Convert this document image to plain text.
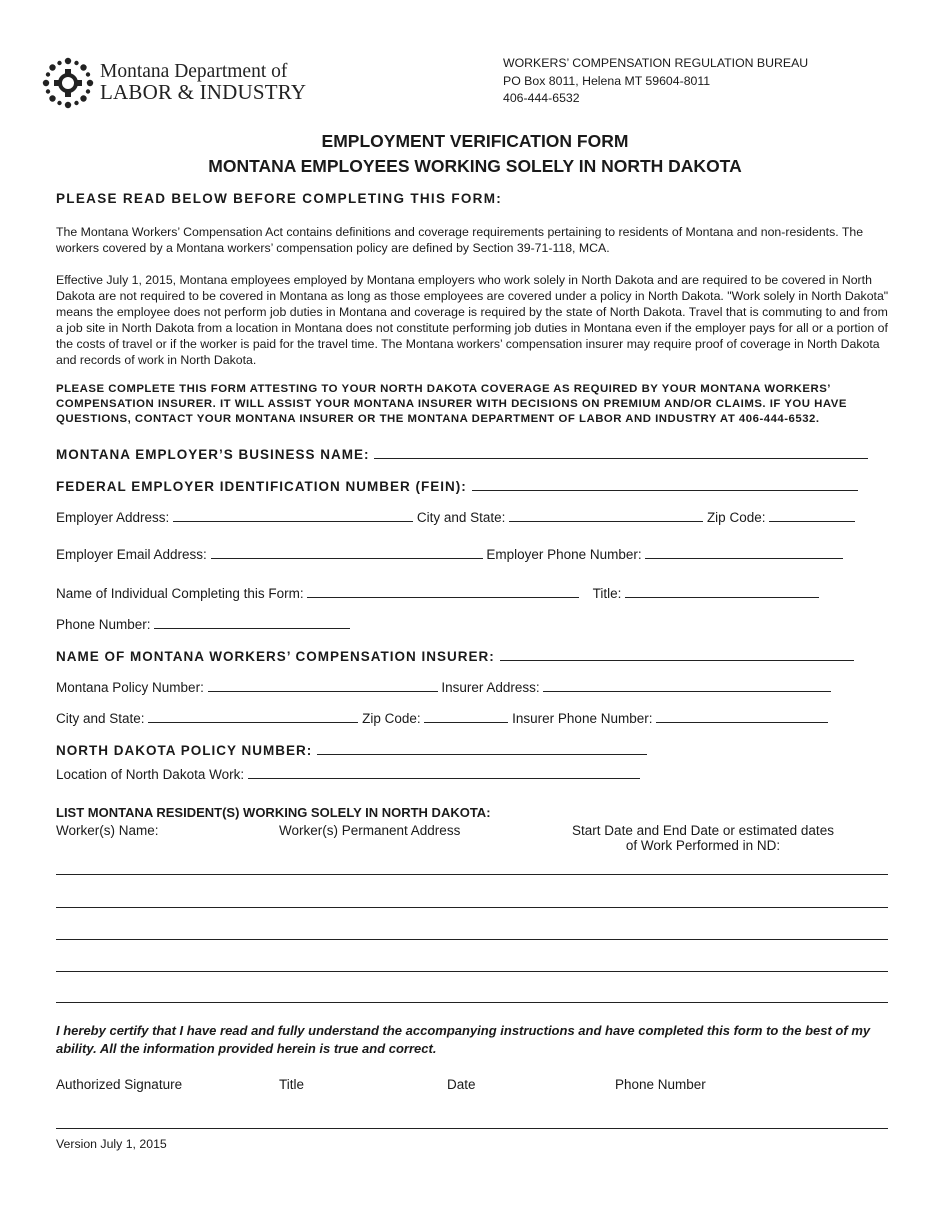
Montana Department of
LABOR & INDUSTRY
WORKERS’ COMPENSATION REGULATION BUREAU
PO Box 8011, Helena MT 59604-8011
406-444-6532
EMPLOYMENT VERIFICATION FORM
MONTANA EMPLOYEES WORKING SOLELY IN NORTH DAKOTA
PLEASE READ BELOW BEFORE COMPLETING THIS FORM:
The Montana Workers’ Compensation Act contains definitions and coverage requirements pertaining to residents of Montana and non-residents. The workers covered by a Montana workers’ compensation policy are defined by Section 39-71-118, MCA.
Effective July 1, 2015, Montana employees employed by Montana employers who work solely in North Dakota and are required to be covered in North Dakota are not required to be covered in Montana as long as those employees are covered under a policy in North Dakota. "Work solely in North Dakota" means the employee does not perform job duties in Montana and coverage is required by the state of North Dakota. Travel that is commuting to and from a job site in North Dakota from a location in Montana does not constitute performing job duties in Montana even if the employer pays for all or a portion of the costs of travel or if the worker is paid for the travel time. The Montana workers’ compensation insurer may require proof of coverage in North Dakota and records of work in North Dakota.
PLEASE COMPLETE THIS FORM ATTESTING TO YOUR NORTH DAKOTA COVERAGE AS REQUIRED BY YOUR MONTANA WORKERS’ COMPENSATION INSURER. IT WILL ASSIST YOUR MONTANA INSURER WITH DECISIONS ON PREMIUM AND/OR CLAIMS. IF YOU HAVE QUESTIONS, CONTACT YOUR MONTANA INSURER OR THE MONTANA DEPARTMENT OF LABOR AND INDUSTRY AT 406-444-6532.
MONTANA EMPLOYER’S BUSINESS NAME:
FEDERAL EMPLOYER IDENTIFICATION NUMBER (FEIN):
Employer Address:	City and State:	Zip Code:
Employer Email Address:	Employer Phone Number:
Name of Individual Completing this Form:	Title:
Phone Number:
NAME OF MONTANA WORKERS’ COMPENSATION INSURER:
Montana Policy Number:	Insurer Address:
City and State:	Zip Code:	Insurer Phone Number:
NORTH DAKOTA POLICY NUMBER:
Location of North Dakota Work:
LIST MONTANA RESIDENT(S) WORKING SOLELY IN NORTH DAKOTA:
Worker(s) Name:	Worker(s) Permanent Address	Start Date and End Date or estimated dates
of Work Performed in ND:
I hereby certify that I have read and fully understand the accompanying instructions and have completed this form to the best of my ability. All the information provided herein is true and correct.
Authorized Signature	Title	Date	Phone Number
Version July 1, 2015
